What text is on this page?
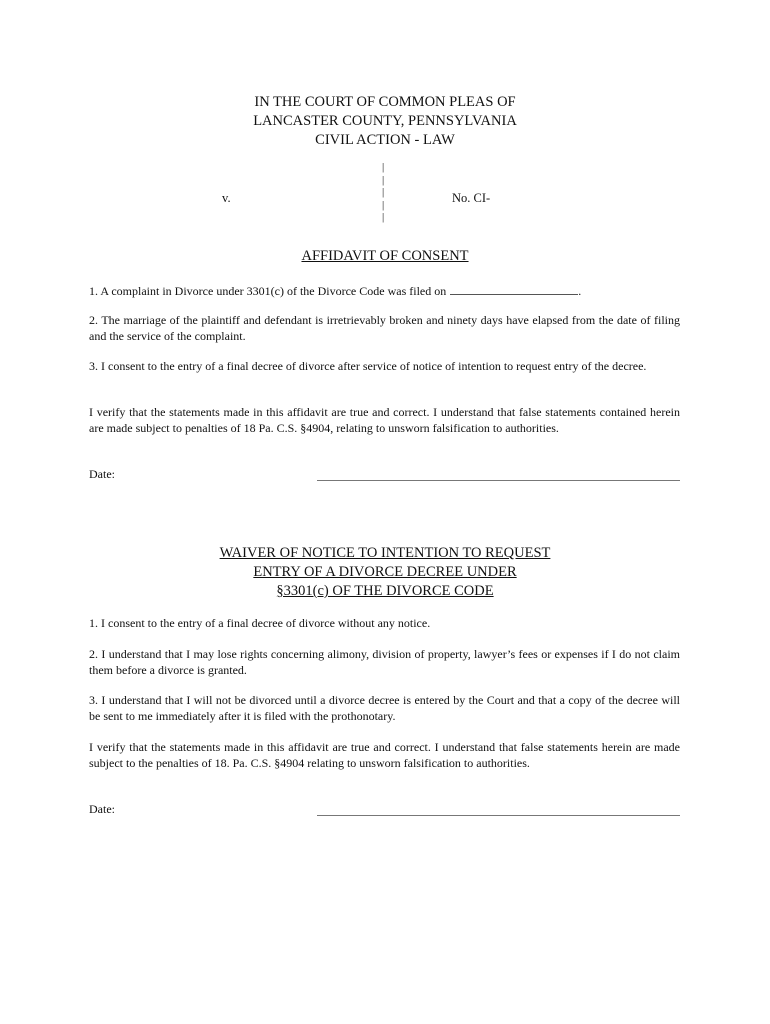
IN THE COURT OF COMMON PLEAS OF
LANCASTER COUNTY, PENNSYLVANIA
CIVIL ACTION - LAW
v.
|
|
|
|
|
No. CI-
AFFIDAVIT OF CONSENT

1. A complaint in Divorce under 3301(c) of the Divorce Code was filed on	.

2. The marriage of the plaintiff and defendant is irretrievably broken and ninety days have elapsed from the date of filing and the service of the complaint.

3. I consent to the entry of a final decree of divorce after service of notice of intention to request entry of the decree.

I verify that the statements made in this affidavit are true and correct. I understand that false statements contained herein are made subject to penalties of 18 Pa. C.S. §4904, relating to unsworn falsification to authorities.

Date:
WAIVER OF NOTICE TO INTENTION TO REQUEST
ENTRY OF A DIVORCE DECREE UNDER
§3301(c) OF THE DIVORCE CODE

1. I consent to the entry of a final decree of divorce without any notice.

2. I understand that I may lose rights concerning alimony, division of property, lawyer’s fees or expenses if I do not claim them before a divorce is granted.

3. I understand that I will not be divorced until a divorce decree is entered by the Court and that a copy of the decree will be sent to me immediately after it is filed with the prothonotary.

I verify that the statements made in this affidavit are true and correct. I understand that false statements herein are made subject to the penalties of 18. Pa. C.S. §4904 relating to unsworn falsification to authorities.

Date:
